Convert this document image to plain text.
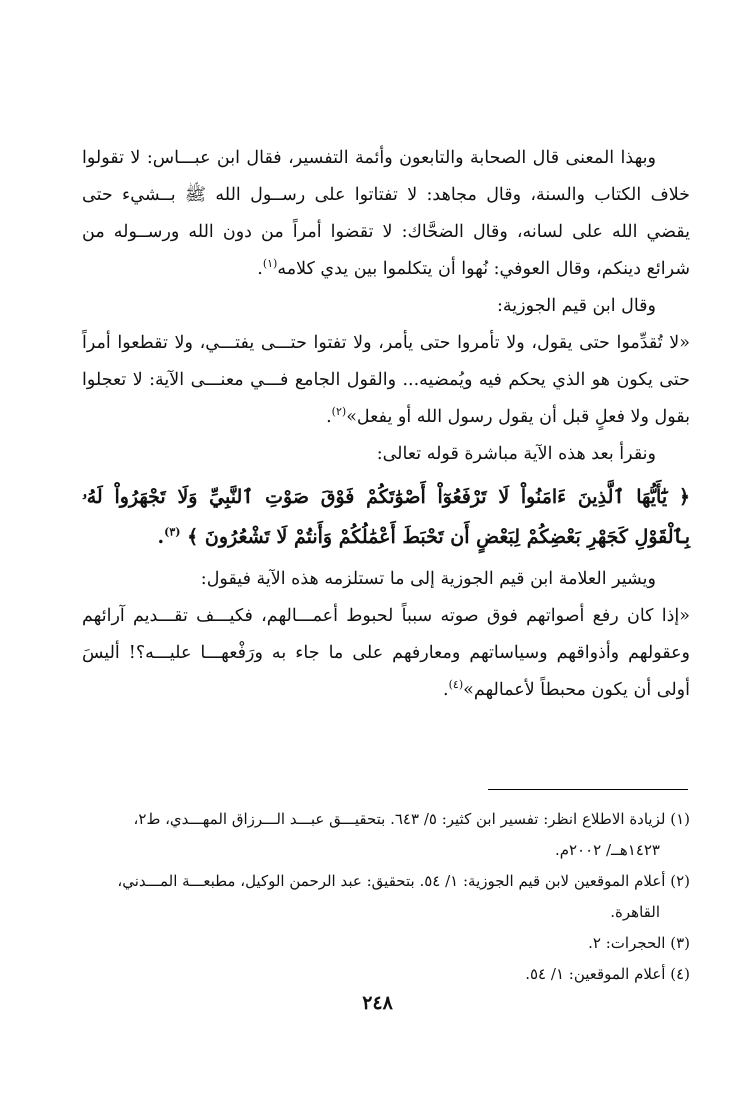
وبهذا المعنى قال الصحابة والتابعون وأئمة التفسير، فقال ابن عبـــاس: لا تقولوا خلاف الكتاب والسنة، وقال مجاهد: لا تفتاتوا على رســول الله ﷺ بــشيء حتى يقضي الله على لسانه، وقال الضحَّاك: لا تقضوا أمراً من دون الله ورســوله من شرائع دينكم، وقال العوفي: نُهوا أن يتكلموا بين يدي كلامه$^{(١)}$.

وقال ابن قيم الجوزية:

«لا تُقدِّموا حتى يقول، ولا تأمروا حتى يأمر، ولا تفتوا حتـــى يفتـــي، ولا تقطعوا أمراً حتى يكون هو الذي يحكم فيه ويُمضيه... والقول الجامع فـــي معنـــى الآية: لا تعجلوا بقول ولا فعلٍ قبل أن يقول رسول الله أو يفعل»$^{(٢)}$.

ونقرأ بعد هذه الآية مباشرة قوله تعالى:

﴿ يَٰٓأَيُّهَا ٱلَّذِينَ ءَامَنُواْ لَا تَرْفَعُوٓاْ أَصْوَٰتَكُمْ فَوْقَ صَوْتِ ٱلنَّبِيِّ وَلَا تَجْهَرُواْ لَهُۥ بِٱلْقَوْلِ كَجَهْرِ بَعْضِكُمْ لِبَعْضٍ أَن تَحْبَطَ أَعْمَٰلُكُمْ وَأَنتُمْ لَا تَشْعُرُونَ ﴾ $^{(٣)}$.

ويشير العلامة ابن قيم الجوزية إلى ما تستلزمه هذه الآية فيقول:

«إذا كان رفع أصواتهم فوق صوته سبباً لحبوط أعمـــالهم، فكيـــف تقـــديم آرائهم وعقولهم وأذواقهم وسياساتهم ومعارفهم على ما جاء به ورَفْعهـــا عليـــه؟! أليسَ أولى أن يكون محبطاً لأعمالهم»$^{(٤)}$.

(١) لزيادة الاطلاع انظر: تفسير ابن كثير: ٥/ ٦٤٣. بتحقيـــق عبـــد الـــرزاق المهـــدي، ط٢،

١٤٢٣هــ/ ٢٠٠٢م.

(٢) أعلام الموقعين لابن قيم الجوزية: ١/ ٥٤. بتحقيق: عبد الرحمن الوكيل، مطبعـــة المـــدني،

القاهرة.

(٣) الحجرات: ٢.

(٤) أعلام الموقعين: ١/ ٥٤.

٢٤٨
